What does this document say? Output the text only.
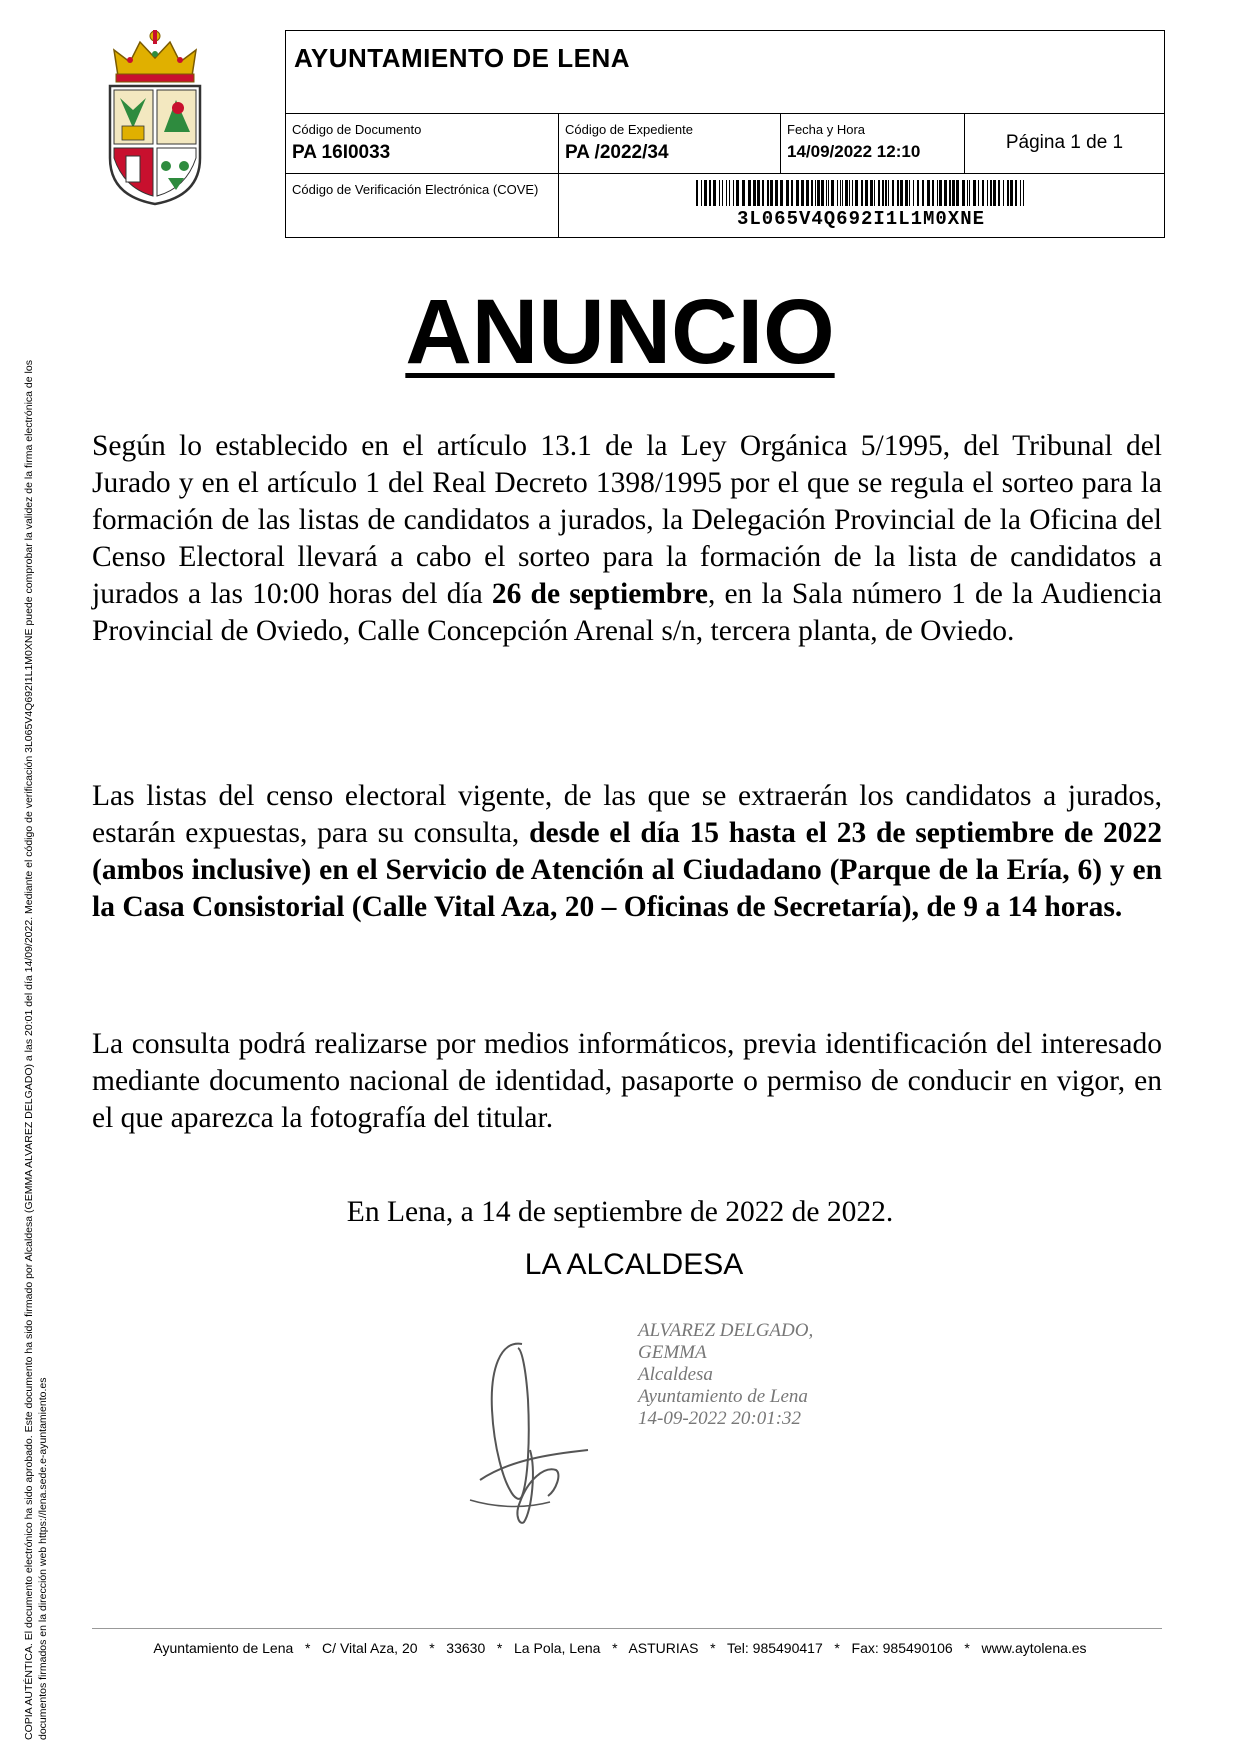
COPIA AUTÉNTICA. El documento electrónico ha sido aprobado. Este documento ha sido firmado por Alcaldesa (GEMMA ALVAREZ DELGADO) a las 20:01 del día 14/09/2022. Mediante el código de verificación 3L065V4Q692I1L1M0XNE puede comprobar la validez de la firma electrónica de los documentos firmados en la dirección web https://lena.sede.e-ayuntamiento.es
AYUNTAMIENTO DE LENA
Código de Documento
PA 16I0033
Código de Expediente
PA /2022/34
Fecha y Hora
14/09/2022 12:10	Página 1 de 1
Código de Verificación Electrónica (COVE)
3L065V4Q692I1L1M0XNE
ANUNCIO
Según lo establecido en el artículo 13.1 de la Ley Orgánica 5/1995, del Tribunal del Jurado y en el artículo 1 del Real Decreto 1398/1995 por el que se regula el sorteo para la formación de las listas de candidatos a jurados, la Delegación Provincial de la Oficina del Censo Electoral llevará a cabo el sorteo para la formación de la lista de candidatos a jurados a las 10:00 horas del día 26 de septiembre, en la Sala número 1 de la Audiencia Provincial de Oviedo, Calle Concepción Arenal s/n, tercera planta, de Oviedo.
Las listas del censo electoral vigente, de las que se extraerán los candidatos a jurados, estarán expuestas, para su consulta, desde el día 15 hasta el 23 de septiembre de 2022 (ambos inclusive) en el Servicio de Atención al Ciudadano (Parque de la Ería, 6) y en la Casa Consistorial (Calle Vital Aza, 20 – Oficinas de Secretaría), de 9 a 14 horas.
La consulta podrá realizarse por medios informáticos, previa identificación del interesado mediante documento nacional de identidad, pasaporte o permiso de conducir en vigor, en el que aparezca la fotografía del titular.
En Lena, a 14 de septiembre de 2022 de 2022.
LA ALCALDESA
ALVAREZ DELGADO,
GEMMA
Alcaldesa
Ayuntamiento de Lena
14-09-2022 20:01:32
Ayuntamiento de Lena   *   C/ Vital Aza, 20   *   33630   *   La Pola, Lena   *   ASTURIAS   *   Tel: 985490417   *   Fax: 985490106   *   www.aytolena.es
